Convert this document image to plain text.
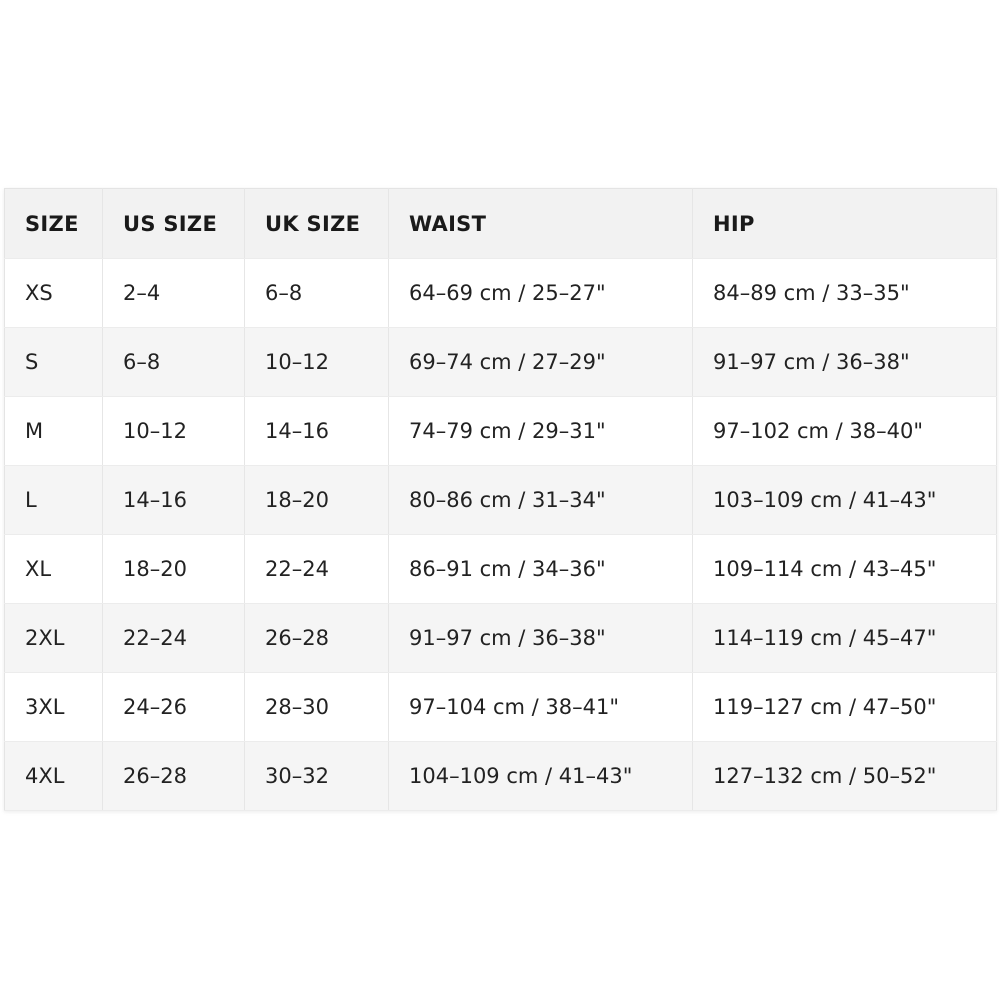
SIZE	US SIZE	UK SIZE	WAIST	HIP
XS	2–4	6–8	64–69 cm / 25–27"	84–89 cm / 33–35"
S	6–8	10–12	69–74 cm / 27–29"	91–97 cm / 36–38"
M	10–12	14–16	74–79 cm / 29–31"	97–102 cm / 38–40"
L	14–16	18–20	80–86 cm / 31–34"	103–109 cm / 41–43"
XL	18–20	22–24	86–91 cm / 34–36"	109–114 cm / 43–45"
2XL	22–24	26–28	91–97 cm / 36–38"	114–119 cm / 45–47"
3XL	24–26	28–30	97–104 cm / 38–41"	119–127 cm / 47–50"
4XL	26–28	30–32	104–109 cm / 41–43"	127–132 cm / 50–52"
